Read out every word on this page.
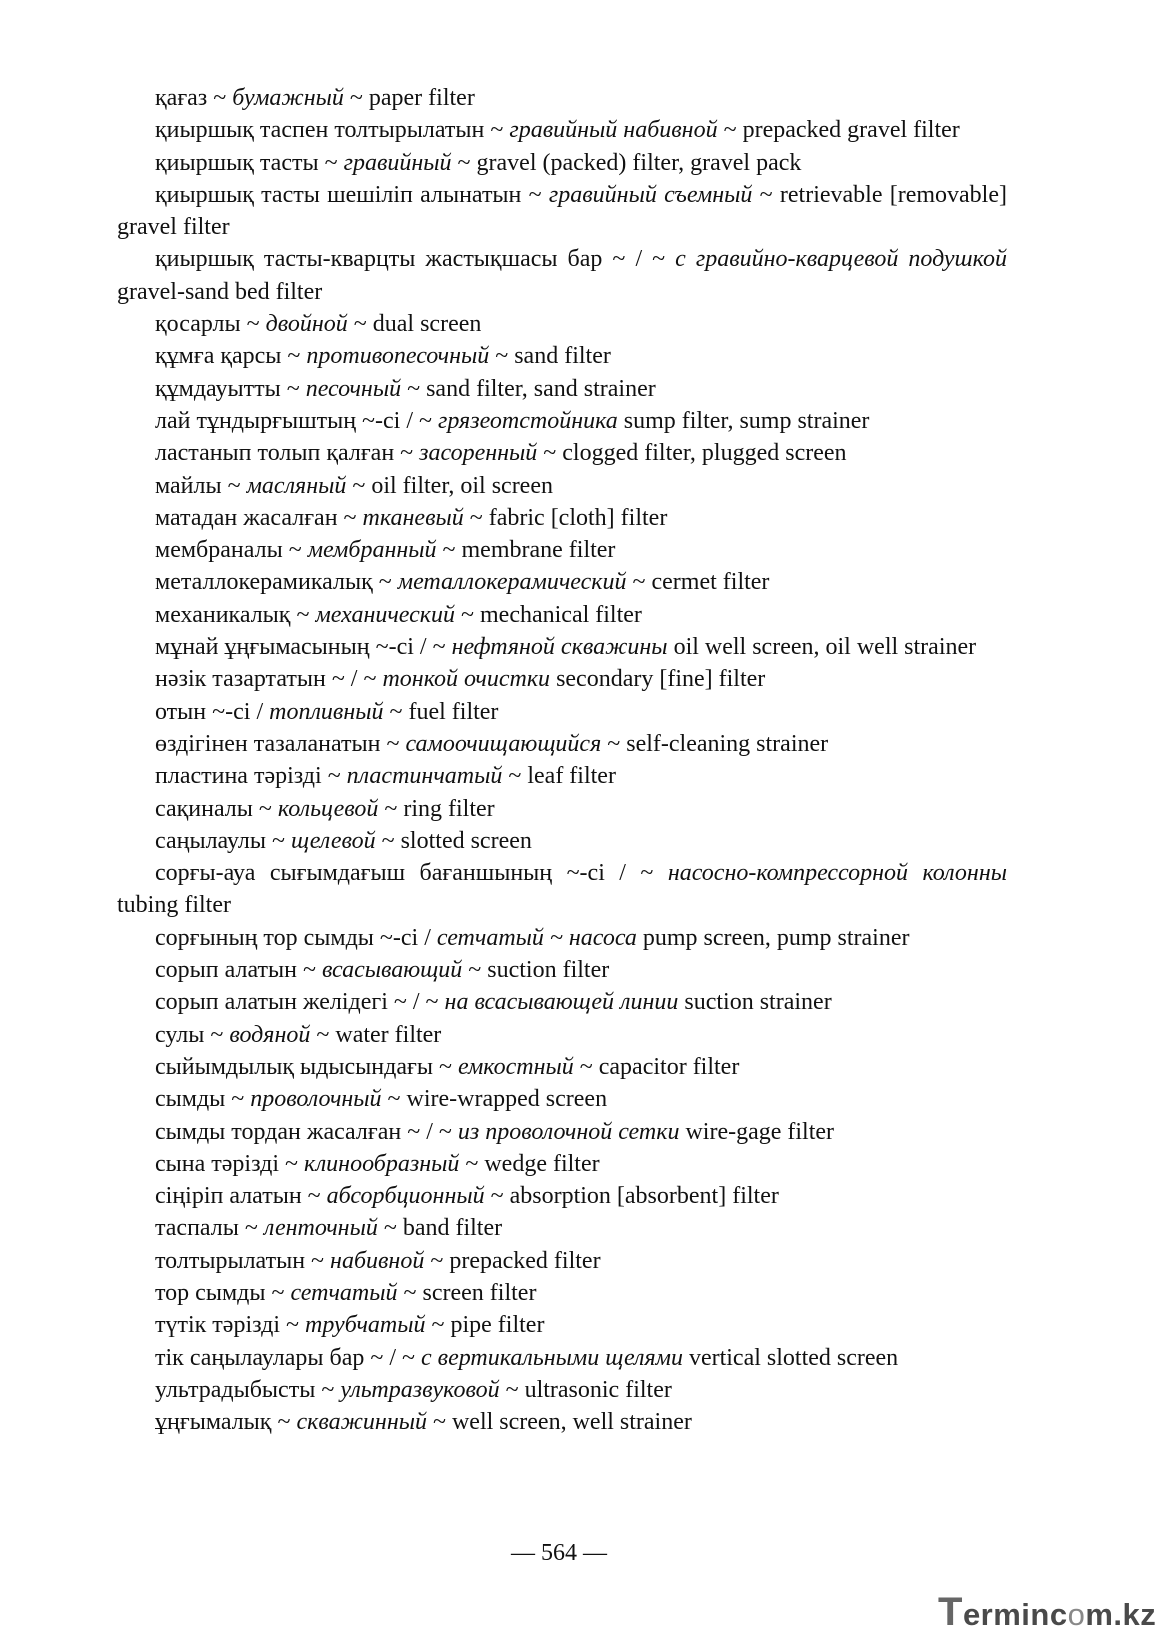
қағаз ~ бумажный ~ paper filter
қиыршық таспен толтырылатын ~ гравийный набивной ~ prepacked gravel filter
қиыршық тасты ~ гравийный ~ gravel (packed) filter, gravel pack
қиыршық тасты шешіліп алынатын ~ гравийный съемный ~ retrievable [removable] gravel filter
қиыршық тасты-кварцты жастықшасы бар ~ / ~ с гравийно-кварцевой подушкой gravel-sand bed filter
қосарлы ~ двойной ~ dual screen
құмға қарсы ~ противопесочный ~ sand filter
құмдауытты ~ песочный ~ sand filter, sand strainer
лай тұндырғыштың ~-сі / ~ грязеотстойника sump filter, sump strainer
ластанып толып қалған ~ засоренный ~ clogged filter, plugged screen
майлы ~ масляный ~ oil filter, oil screen
матадан жасалған ~ тканевый ~ fabric [cloth] filter
мембраналы ~ мембранный ~ membrane filter
металлокерамикалық ~ металлокерамический ~ cermet filter
механикалық ~ механический ~ mechanical filter
мұнай ұңғымасының ~-сі / ~ нефтяной скважины oil well screen, oil well strainer
нәзік тазартатын ~ / ~ тонкой очистки secondary [fine] filter
отын ~-сі / топливный ~ fuel filter
өздігінен тазаланатын ~ самоочищающийся ~ self-cleaning strainer
пластина тәрізді ~ пластинчатый ~ leaf filter
сақиналы ~ кольцевой ~ ring filter
саңылаулы ~ щелевой ~ slotted screen
сорғы-ауа сығымдағыш бағаншының ~-сі / ~ насосно-компрессорной колонны tubing filter
сорғының тор сымды ~-сі / сетчатый ~ насоса pump screen, pump strainer
сорып алатын ~ всасывающий ~ suction filter
сорып алатын желідегі ~ / ~ на всасывающей линии suction strainer
сулы ~ водяной ~ water filter
сыйымдылық ыдысындағы ~ емкостный ~ capacitor filter
сымды ~ проволочный ~ wire-wrapped screen
сымды тордан жасалған ~ / ~ из проволочной сетки wire-gage filter
сына тәрізді ~ клинообразный ~ wedge filter
сіңіріп алатын ~ абсорбционный ~ absorption [absorbent] filter
таспалы ~ ленточный ~ band filter
толтырылатын ~ набивной ~ prepacked filter
тор сымды ~ сетчатый ~ screen filter
түтік тәрізді ~ трубчатый ~ pipe filter
тік саңылаулары бар ~ / ~ с вертикальными щелями vertical slotted screen
ультрадыбысты ~ ультразвуковой ~ ultrasonic filter
ұңғымалық ~ скважинный ~ well screen, well strainer
― 564 ―
Termincom.kz
